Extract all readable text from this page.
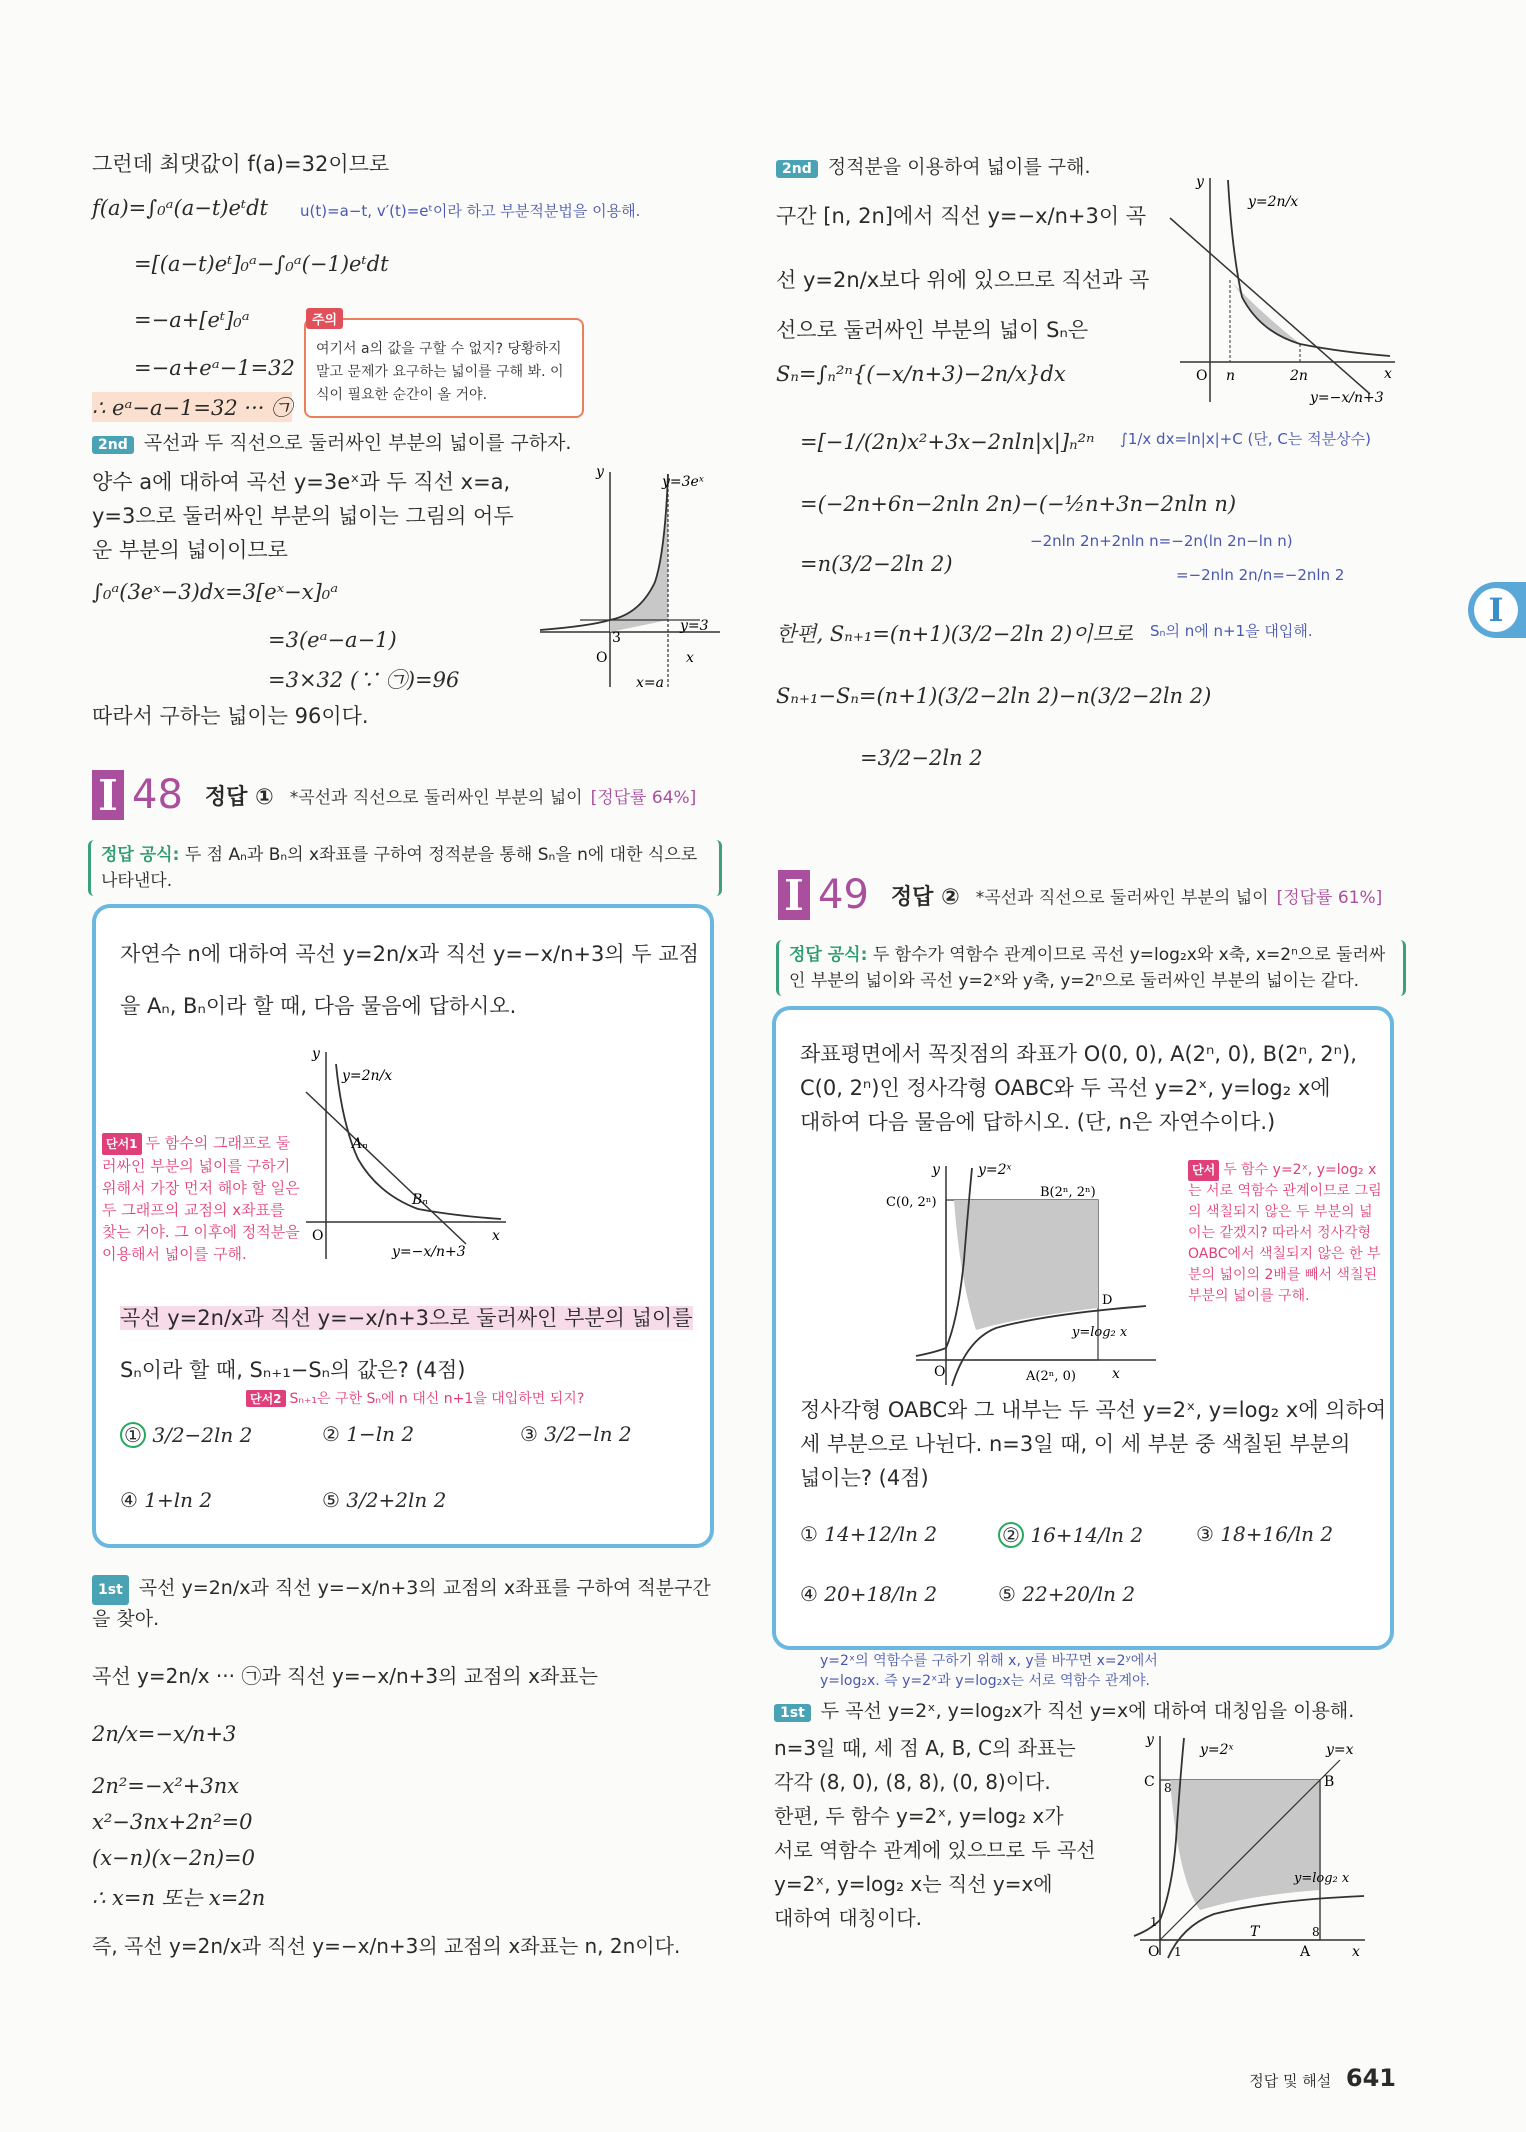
그런데 최댓값이 f(a)=32이므로
f(a)=∫₀ᵃ(a−t)eᵗdt u(t)=a−t, v′(t)=eᵗ이라 하고 부분적분법을 이용해.
=[(a−t)eᵗ]₀ᵃ−∫₀ᵃ(−1)eᵗdt
=−a+[eᵗ]₀ᵃ
=−a+eᵃ−1=32
∴ eᵃ−a−1=32 ··· ㉠
주의
여기서 a의 값을 구할 수 없지? 당황하지 말고 문제가 요구하는 넓이를 구해 봐. 이 식이 필요한 순간이 올 거야.
2nd 곡선과 두 직선으로 둘러싸인 부분의 넓이를 구하자.
양수 a에 대하여 곡선 y=3eˣ과 두 직선 x=a,
y=3으로 둘러싸인 부분의 넓이는 그림의 어두
운 부분의 넓이이므로
∫₀ᵃ(3eˣ−3)dx=3[eˣ−x]₀ᵃ
=3(eᵃ−a−1)
=3×32 (∵ ㉠)=96
따라서 구하는 넓이는 96이다.
y=3eˣ
y=3
x=a
3
O	x
y
2nd 정적분을 이용하여 넓이를 구해.
구간 [n, 2n]에서 직선 y=−x/n+3이 곡
선 y=2n/x보다 위에 있으므로 직선과 곡
선으로 둘러싸인 부분의 넓이 Sₙ은
Sₙ=∫ₙ²ⁿ{(−x/n+3)−2n/x}dx
=[−1/(2n)x²+3x−2nln|x|]ₙ²ⁿ ∫1/x dx=ln|x|+C (단, C는 적분상수)
=(−2n+6n−2nln 2n)−(−½n+3n−2nln n)
−2nln 2n+2nln n=−2n(ln 2n−ln n)
=n(3/2−2ln 2)	=−2nln 2n/n=−2nln 2
한편, Sₙ₊₁=(n+1)(3/2−2ln 2)이므로 Sₙ의 n에 n+1을 대입해.
Sₙ₊₁−Sₙ=(n+1)(3/2−2ln 2)−n(3/2−2ln 2)
=3/2−2ln 2
y=2n/x
y=−x/n+3
O n	2n	x
y
I 48 정답 ① *곡선과 직선으로 둘러싸인 부분의 넓이 [정답률 64%]
정답 공식: 두 점 Aₙ과 Bₙ의 x좌표를 구하여 정적분을 통해 Sₙ을 n에 대한 식으로 나타낸다.
자연수 n에 대하여 곡선 y=2n/x과 직선 y=−x/n+3의 두 교점
을 Aₙ, Bₙ이라 할 때, 다음 물음에 답하시오.
Aₙ
Bₙ
y=2n/x
y=−x/n+3
O	x
y
곡선 y=2n/x과 직선 y=−x/n+3으로 둘러싸인 부분의 넓이를
Sₙ이라 할 때, Sₙ₊₁−Sₙ의 값은? (4점)
단서2 Sₙ₊₁은 구한 Sₙ에 n 대신 n+1을 대입하면 되지?
① 3/2−2ln 2	② 1−ln 2	③ 3/2−ln 2
④ 1+ln 2	⑤ 3/2+2ln 2
단서1 두 함수의 그래프로 둘러싸인 부분의 넓이를 구하기 위해서 가장 먼저 해야 할 일은 두 그래프의 교점의 x좌표를 찾는 거야. 그 이후에 정적분을 이용해서 넓이를 구해.
1st 곡선 y=2n/x과 직선 y=−x/n+3의 교점의 x좌표를 구하여 적분구간을 찾아.
곡선 y=2n/x ··· ㉠과 직선 y=−x/n+3의 교점의 x좌표는
2n/x=−x/n+3
2n²=−x²+3nx
x²−3nx+2n²=0
(x−n)(x−2n)=0
∴ x=n 또는 x=2n
즉, 곡선 y=2n/x과 직선 y=−x/n+3의 교점의 x좌표는 n, 2n이다.
I 49 정답 ② *곡선과 직선으로 둘러싸인 부분의 넓이 [정답률 61%]
정답 공식: 두 함수가 역함수 관계이므로 곡선 y=log₂x와 x축, x=2ⁿ으로 둘러싸인 부분의 넓이와 곡선 y=2ˣ와 y축, y=2ⁿ으로 둘러싸인 부분의 넓이는 같다.
좌표평면에서 꼭짓점의 좌표가 O(0, 0), A(2ⁿ, 0), B(2ⁿ, 2ⁿ),
C(0, 2ⁿ)인 정사각형 OABC와 두 곡선 y=2ˣ, y=log₂ x에
대하여 다음 물음에 답하시오. (단, n은 자연수이다.)
y=2ˣ
y=log₂ x
C(0, 2ⁿ)
B(2ⁿ, 2ⁿ)
A(2ⁿ, 0)
D
O	x
y	단서 두 함수 y=2ˣ, y=log₂ x는 서로 역함수 관계이므로 그림의 색칠되지 않은 두 부분의 넓이는 같겠지? 따라서 정사각형 OABC에서 색칠되지 않은 한 부분의 넓이의 2배를 빼서 색칠된 부분의 넓이를 구해.
정사각형 OABC와 그 내부는 두 곡선 y=2ˣ, y=log₂ x에 의하여
세 부분으로 나뉜다. n=3일 때, 이 세 부분 중 색칠된 부분의
넓이는? (4점)
① 14+12/ln 2	② 16+14/ln 2	③ 18+16/ln 2
④ 20+18/ln 2	⑤ 22+20/ln 2
y=2ˣ의 역함수를 구하기 위해 x, y를 바꾸면 x=2ʸ에서
y=log₂x. 즉 y=2ˣ과 y=log₂x는 서로 역함수 관계야.
1st 두 곡선 y=2ˣ, y=log₂x가 직선 y=x에 대하여 대칭임을 이용해.
n=3일 때, 세 점 A, B, C의 좌표는
각각 (8, 0), (8, 8), (0, 8)이다.
한편, 두 함수 y=2ˣ, y=log₂ x가
서로 역함수 관계에 있으므로 두 곡선
y=2ˣ, y=log₂ x는 직선 y=x에
대하여 대칭이다.
y=2ˣ
y=log₂ x
y=x
C	B
A
T
8
8
1
1
O	x
y
I
정답 및 해설 641
